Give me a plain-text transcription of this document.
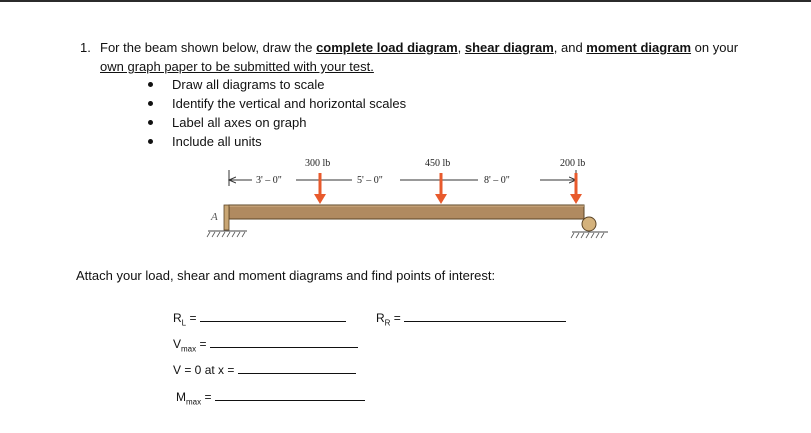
1. For the beam shown below, draw the complete load diagram, shear diagram, and moment diagram on your
own graph paper to be submitted with your test.
Draw all diagrams to scale
Identify the vertical and horizontal scales
Label all axes on graph
Include all units
3' – 0"	5' – 0"	8' – 0"
300 lb	450 lb	200 lb
A
Attach your load, shear and moment diagrams and find points of interest:
$R_L$ =	$R_R$ =
$V_{max}$ =
V = 0 at x =
$M_{max}$ =
